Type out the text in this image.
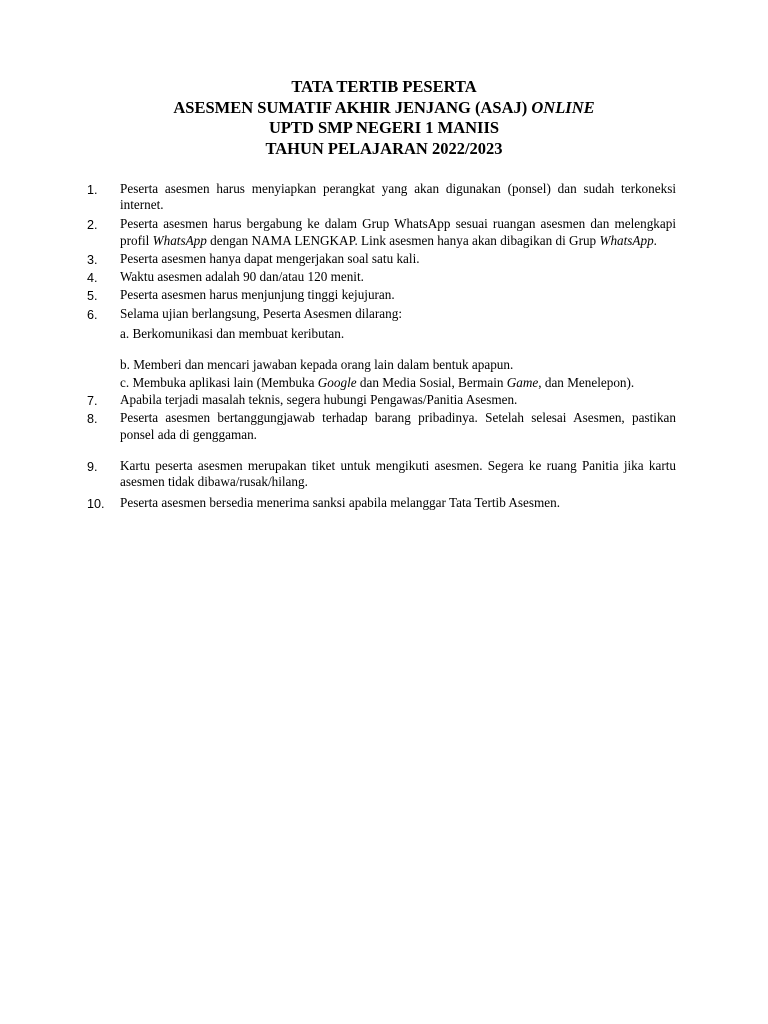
TATA TERTIB PESERTA
ASESMEN SUMATIF AKHIR JENJANG (ASAJ) ONLINE
UPTD SMP NEGERI 1 MANIIS
TAHUN PELAJARAN 2022/2023
1.	Peserta asesmen harus menyiapkan perangkat yang akan digunakan (ponsel) dan sudah terkoneksi internet.
2.	Peserta asesmen harus bergabung ke dalam Grup WhatsApp sesuai ruangan asesmen dan melengkapi profil WhatsApp dengan NAMA LENGKAP. Link asesmen hanya akan dibagikan di Grup WhatsApp.
3.	Peserta asesmen hanya dapat mengerjakan soal satu kali.
4.	Waktu asesmen adalah 90 dan/atau 120 menit.
5.	Peserta asesmen harus menjunjung tinggi kejujuran.
6.	Selama ujian berlangsung, Peserta Asesmen dilarang:
a. Berkomunikasi dan membuat keributan.
b. Memberi dan mencari jawaban kepada orang lain dalam bentuk apapun.
c. Membuka aplikasi lain (Membuka Google dan Media Sosial, Bermain Game, dan Menelepon).
7.	Apabila terjadi masalah teknis, segera hubungi Pengawas/Panitia Asesmen.
8.	Peserta asesmen bertanggungjawab terhadap barang pribadinya. Setelah selesai Asesmen, pastikan ponsel ada di genggaman.
9.	Kartu peserta asesmen merupakan tiket untuk mengikuti asesmen. Segera ke ruang Panitia jika kartu asesmen tidak dibawa/rusak/hilang.
10.	Peserta asesmen bersedia menerima sanksi apabila melanggar Tata Tertib Asesmen.
